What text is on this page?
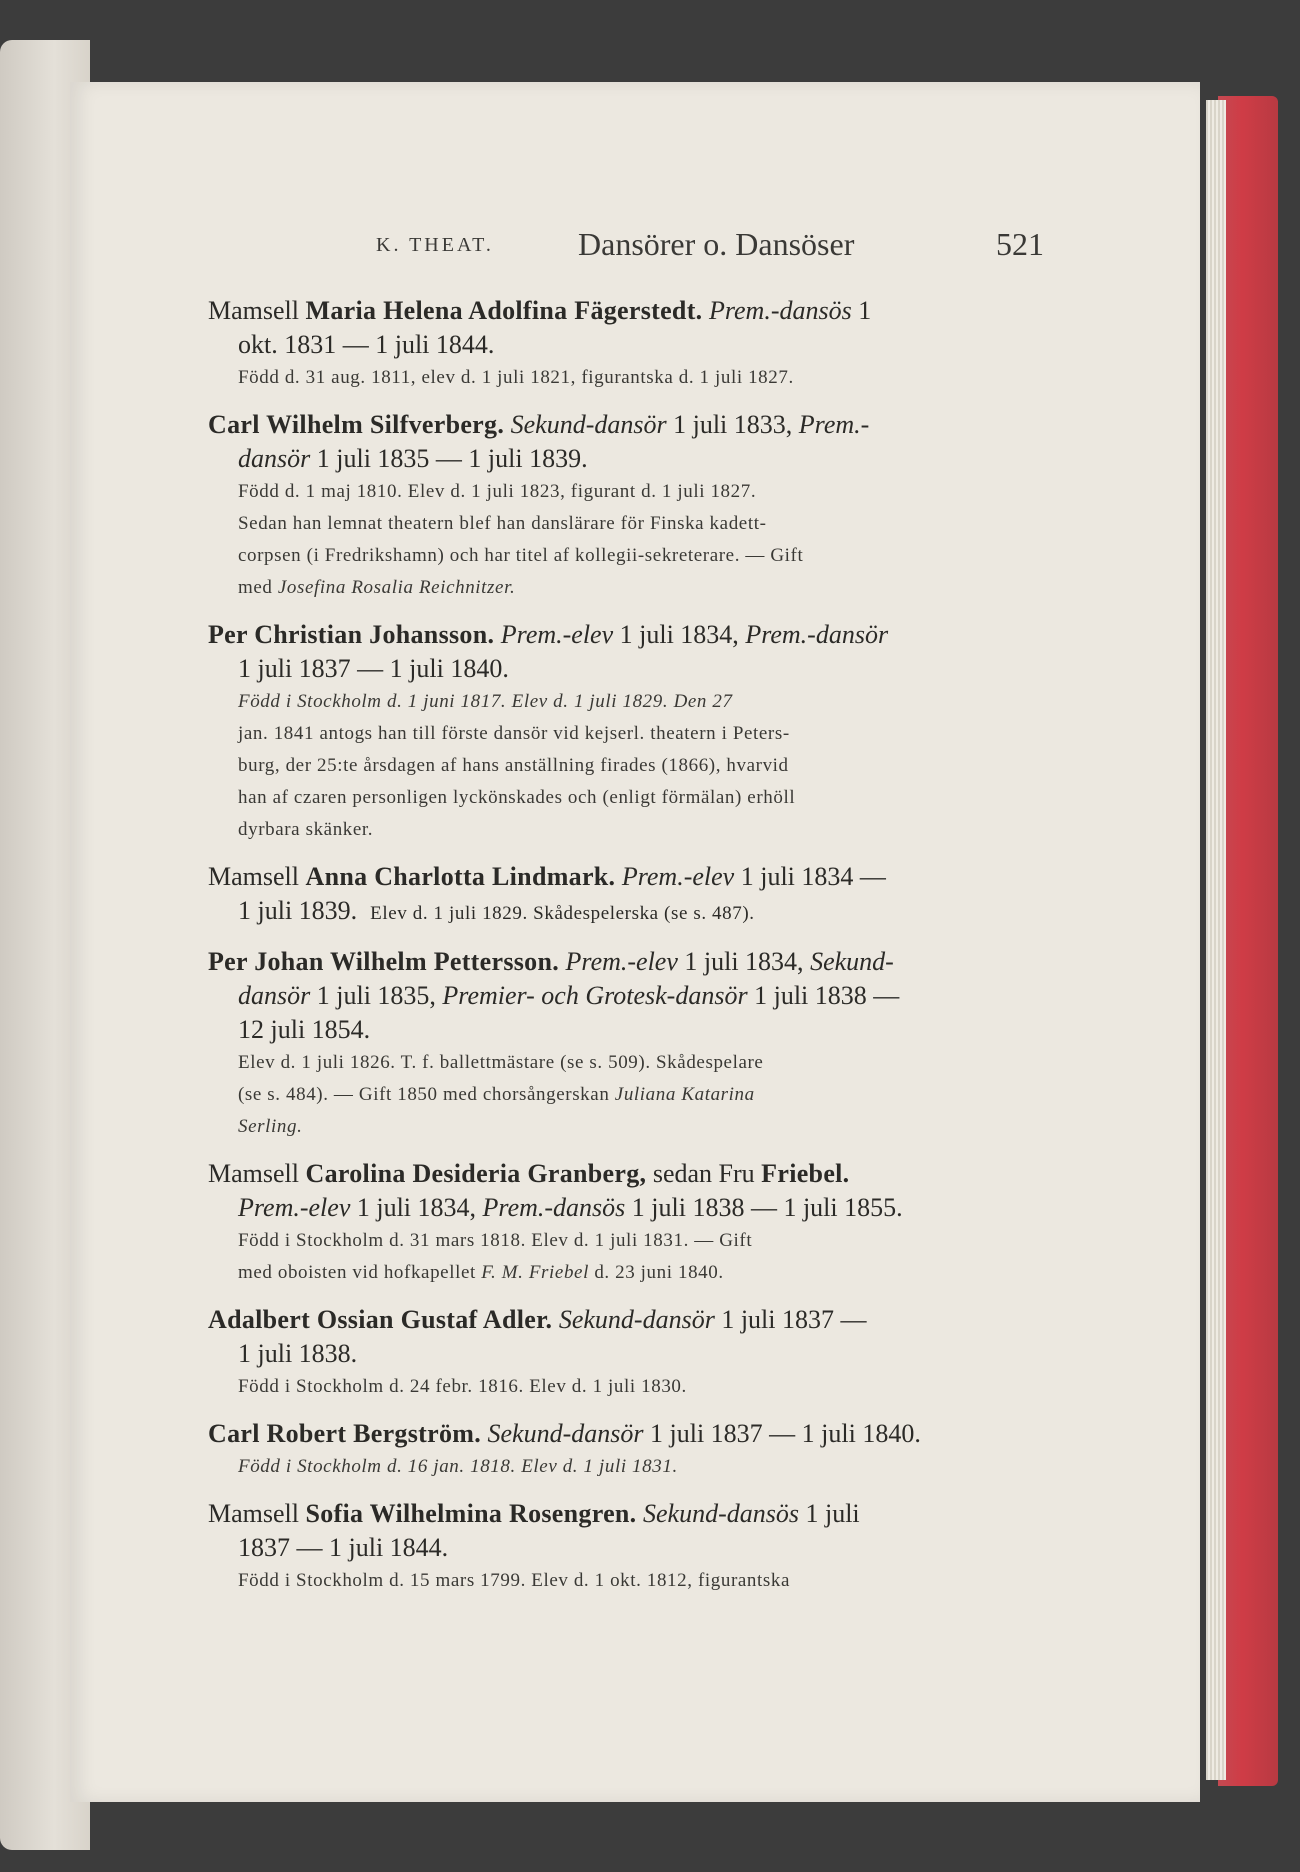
K. THEAT.	Dansörer o. Dansöser	521
Mamsell Maria Helena Adolfina Fägerstedt. Prem.-dansös 1
okt. 1831 — 1 juli 1844.
Född d. 31 aug. 1811, elev d. 1 juli 1821, figurantska d. 1 juli 1827.
Carl Wilhelm Silfverberg. Sekund-dansör 1 juli 1833, Prem.-
dansör 1 juli 1835 — 1 juli 1839.
Född d. 1 maj 1810. Elev d. 1 juli 1823, figurant d. 1 juli 1827.
Sedan han lemnat theatern blef han danslärare för Finska kadett-
corpsen (i Fredrikshamn) och har titel af kollegii-sekreterare. — Gift
med Josefina Rosalia Reichnitzer.
Per Christian Johansson. Prem.-elev 1 juli 1834, Prem.-dansör
1 juli 1837 — 1 juli 1840.
Född i Stockholm d. 1 juni 1817. Elev d. 1 juli 1829. Den 27
jan. 1841 antogs han till förste dansör vid kejserl. theatern i Peters-
burg, der 25:te årsdagen af hans anställning firades (1866), hvarvid
han af czaren personligen lyckönskades och (enligt förmälan) erhöll
dyrbara skänker.
Mamsell Anna Charlotta Lindmark. Prem.-elev 1 juli 1834 —
1 juli 1839. Elev d. 1 juli 1829. Skådespelerska (se s. 487).
Per Johan Wilhelm Pettersson. Prem.-elev 1 juli 1834, Sekund-
dansör 1 juli 1835, Premier- och Grotesk-dansör 1 juli 1838 —
12 juli 1854.
Elev d. 1 juli 1826. T. f. ballettmästare (se s. 509). Skådespelare
(se s. 484). — Gift 1850 med chorsångerskan Juliana Katarina
Serling.
Mamsell Carolina Desideria Granberg, sedan Fru Friebel.
Prem.-elev 1 juli 1834, Prem.-dansös 1 juli 1838 — 1 juli 1855.
Född i Stockholm d. 31 mars 1818. Elev d. 1 juli 1831. — Gift
med oboisten vid hofkapellet F. M. Friebel d. 23 juni 1840.
Adalbert Ossian Gustaf Adler. Sekund-dansör 1 juli 1837 —
1 juli 1838.
Född i Stockholm d. 24 febr. 1816. Elev d. 1 juli 1830.
Carl Robert Bergström. Sekund-dansör 1 juli 1837 — 1 juli 1840.
Född i Stockholm d. 16 jan. 1818. Elev d. 1 juli 1831.
Mamsell Sofia Wilhelmina Rosengren. Sekund-dansös 1 juli
1837 — 1 juli 1844.
Född i Stockholm d. 15 mars 1799. Elev d. 1 okt. 1812, figurantska
